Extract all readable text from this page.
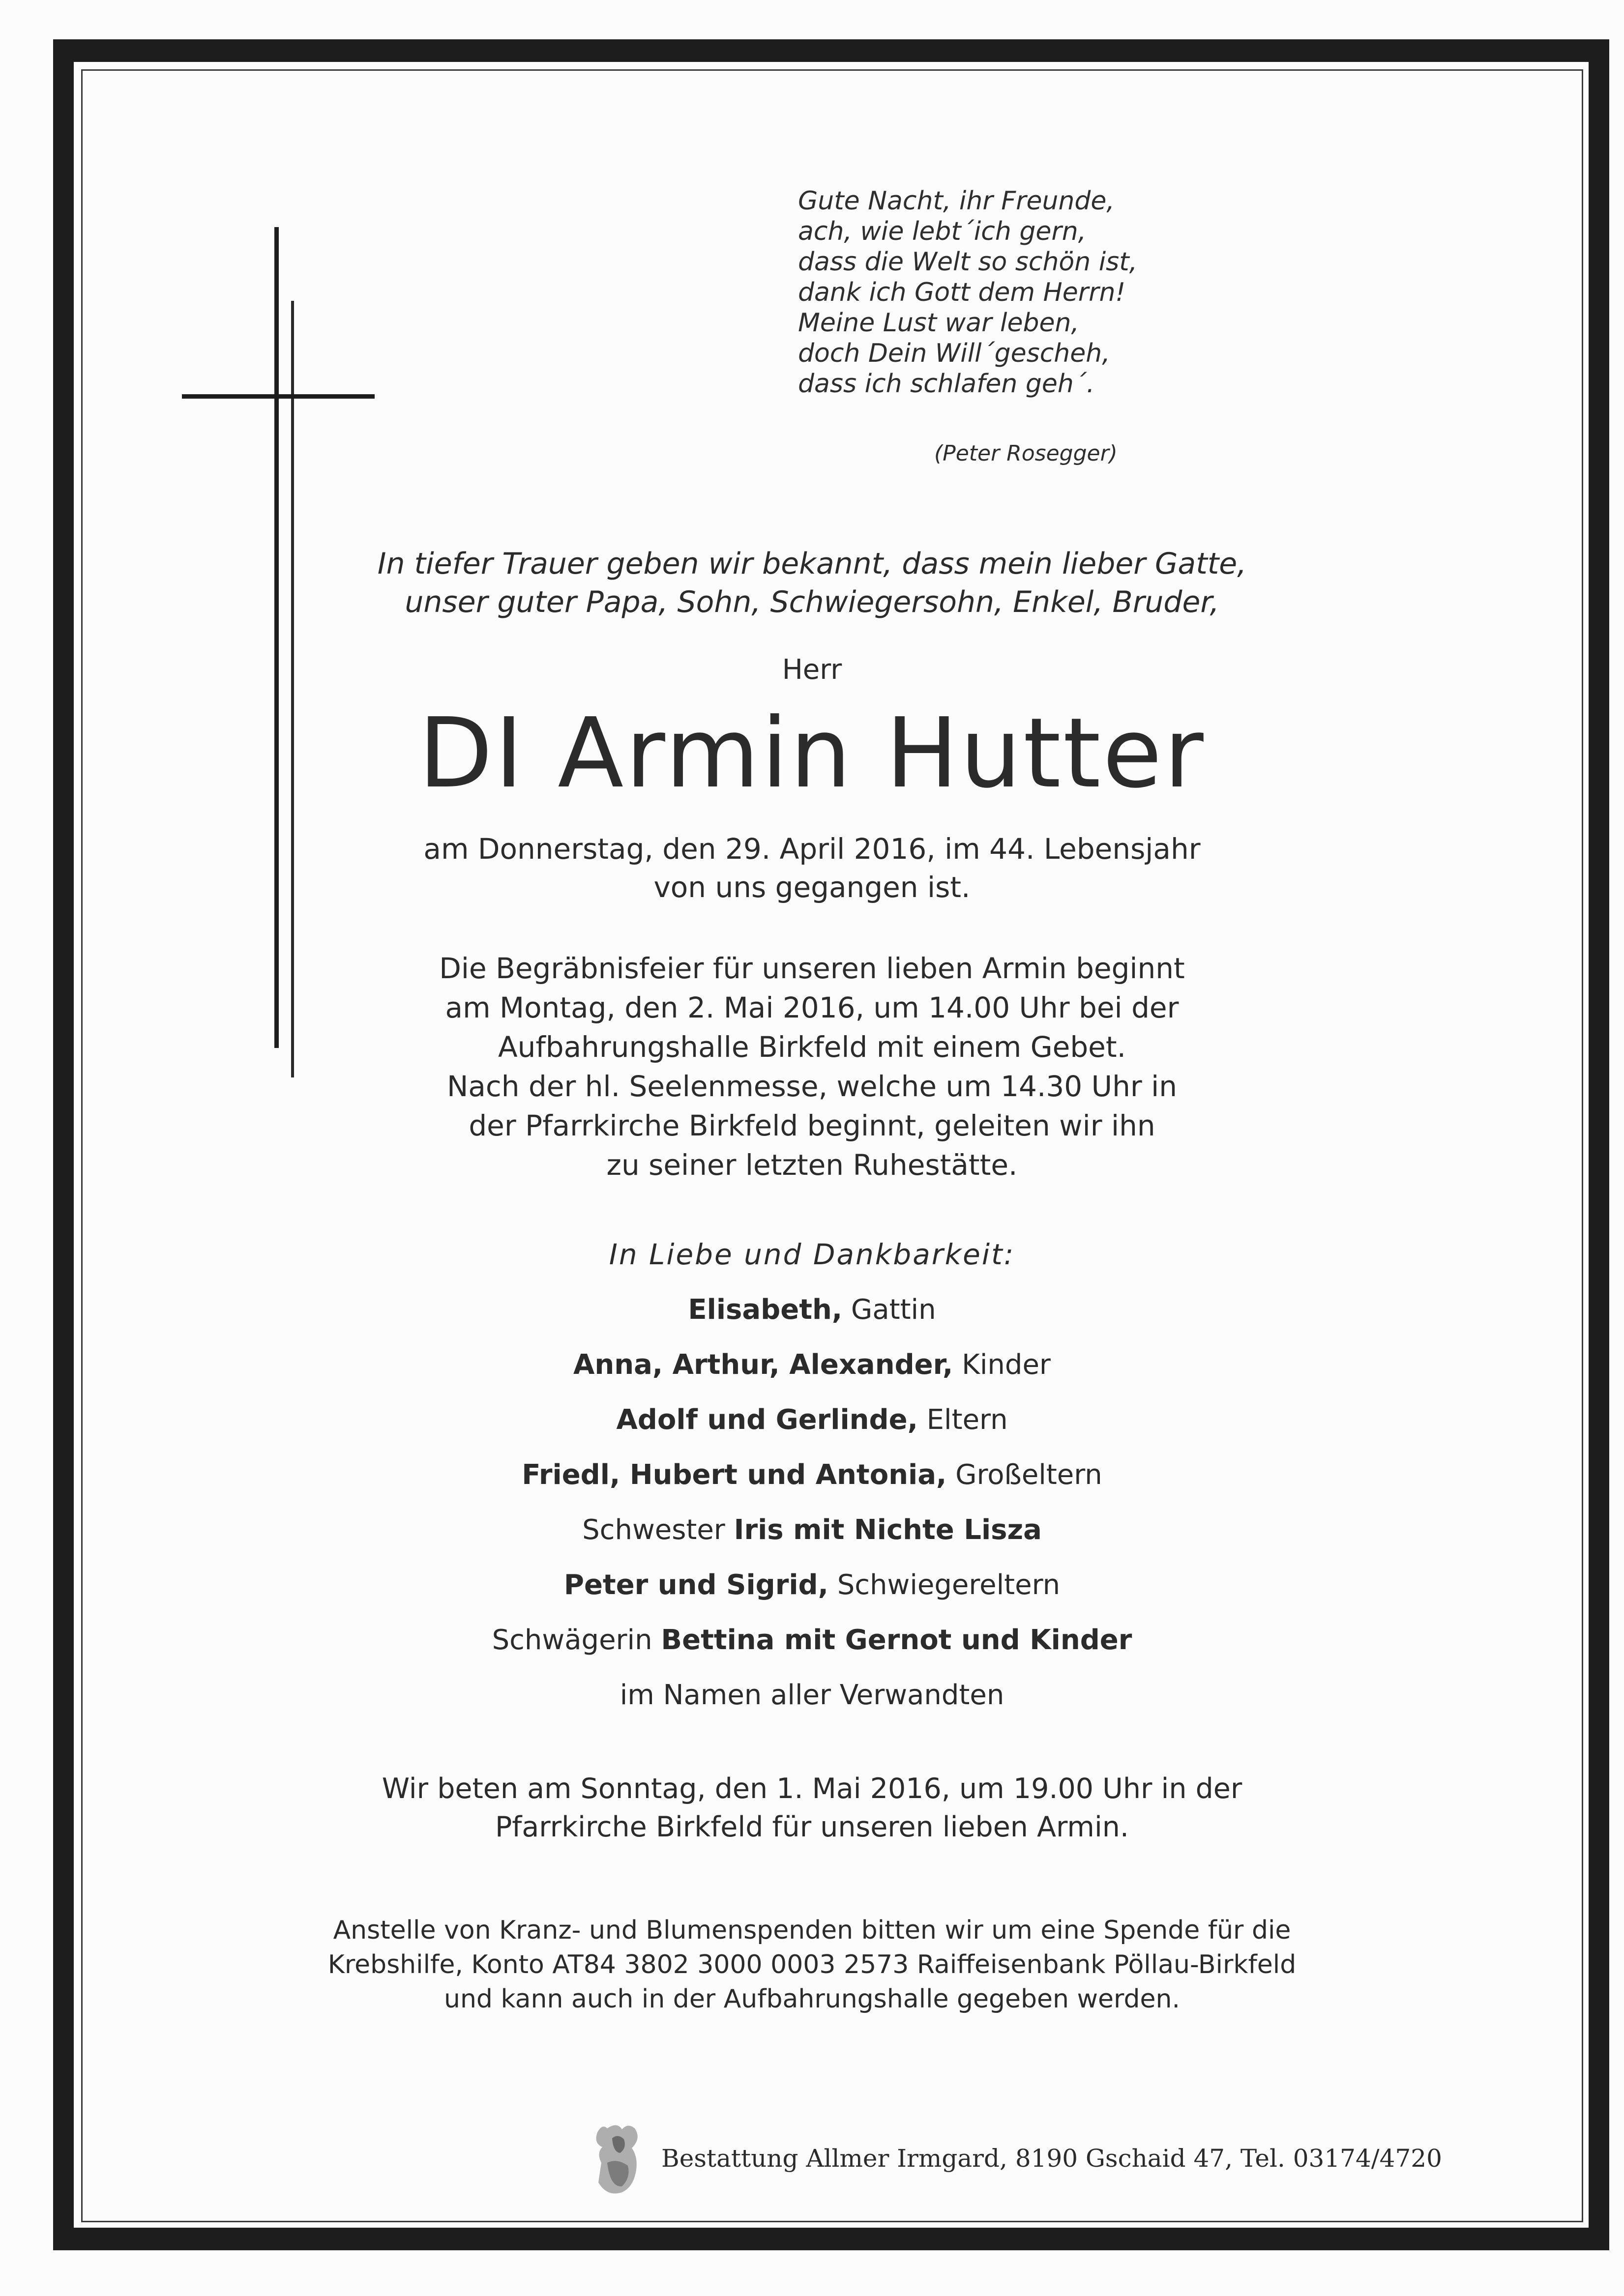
Gute Nacht, ihr Freunde,
ach, wie lebt´ich gern,
dass die Welt so schön ist,
dank ich Gott dem Herrn!
Meine Lust war leben,
doch Dein Will´gescheh,
dass ich schlafen geh´.
(Peter Rosegger)
In tiefer Trauer geben wir bekannt, dass mein lieber Gatte,
unser guter Papa, Sohn, Schwiegersohn, Enkel, Bruder,
Herr
DI Armin Hutter
am Donnerstag, den 29. April 2016, im 44. Lebensjahr
von uns gegangen ist.
Die Begräbnisfeier für unseren lieben Armin beginnt
am Montag, den 2. Mai 2016, um 14.00 Uhr bei der
Aufbahrungshalle Birkfeld mit einem Gebet.
Nach der hl. Seelenmesse, welche um 14.30 Uhr in
der Pfarrkirche Birkfeld beginnt, geleiten wir ihn
zu seiner letzten Ruhestätte.
In Liebe und Dankbarkeit:
Elisabeth, Gattin
Anna, Arthur, Alexander, Kinder
Adolf und Gerlinde, Eltern
Friedl, Hubert und Antonia, Großeltern
Schwester Iris mit Nichte Lisza
Peter und Sigrid, Schwiegereltern
Schwägerin Bettina mit Gernot und Kinder
im Namen aller Verwandten
Wir beten am Sonntag, den 1. Mai 2016, um 19.00 Uhr in der
Pfarrkirche Birkfeld für unseren lieben Armin.
Anstelle von Kranz- und Blumenspenden bitten wir um eine Spende für die
Krebshilfe, Konto AT84 3802 3000 0003 2573 Raiffeisenbank Pöllau-Birkfeld
und kann auch in der Aufbahrungshalle gegeben werden.
Bestattung Allmer Irmgard, 8190 Gschaid 47, Tel. 03174/4720
